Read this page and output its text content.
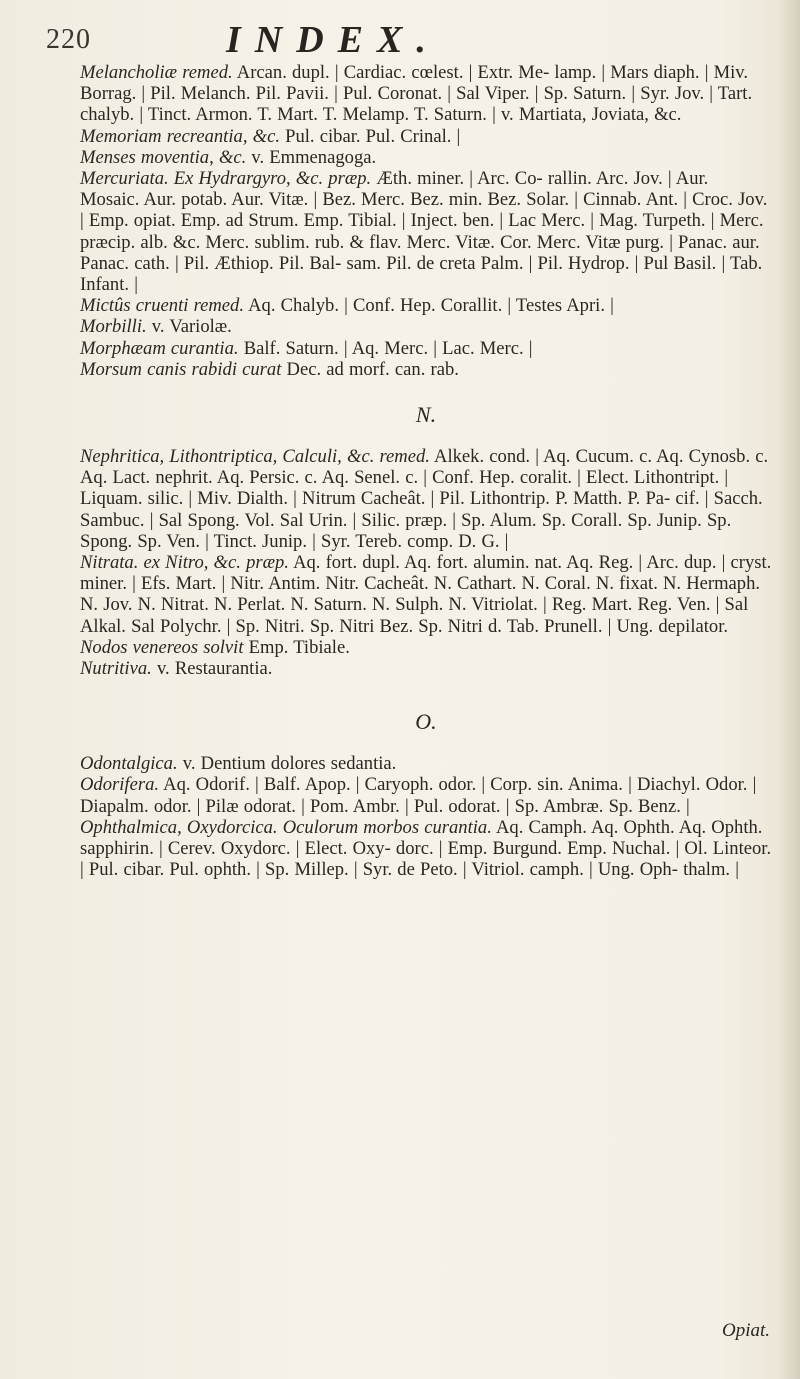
220	INDEX.

Melancholiæ remed. Arcan. dupl. | Cardiac. cœlest. | Extr. Me- lamp. | Mars diaph. | Miv. Borrag. | Pil. Melanch. Pil. Pavii. | Pul. Coronat. | Sal Viper. | Sp. Saturn. | Syr. Jov. | Tart. chalyb. | Tinct. Armon. T. Mart. T. Melamp. T. Saturn. | v. Martiata, Joviata, &c.

Memoriam recreantia, &c. Pul. cibar. Pul. Crinal. |

Menses moventia, &c. v. Emmenagoga.

Mercuriata. Ex Hydrargyro, &c. præp. Æth. miner. | Arc. Co- rallin. Arc. Jov. | Aur. Mosaic. Aur. potab. Aur. Vitæ. | Bez. Merc. Bez. min. Bez. Solar. | Cinnab. Ant. | Croc. Jov. | Emp. opiat. Emp. ad Strum. Emp. Tibial. | Inject. ben. | Lac Merc. | Mag. Turpeth. | Merc. præcip. alb. &c. Merc. sublim. rub. & flav. Merc. Vitæ. Cor. Merc. Vitæ purg. | Panac. aur. Panac. cath. | Pil. Æthiop. Pil. Bal- sam. Pil. de creta Palm. | Pil. Hydrop. | Pul Basil. | Tab. Infant. |

Mictûs cruenti remed. Aq. Chalyb. | Conf. Hep. Corallit. | Testes Apri. |

Morbilli. v. Variolæ.

Morphæam curantia. Balf. Saturn. | Aq. Merc. | Lac. Merc. |

Morsum canis rabidi curat Dec. ad morf. can. rab.

N.

Nephritica, Lithontriptica, Calculi, &c. remed. Alkek. cond. | Aq. Cucum. c. Aq. Cynosb. c. Aq. Lact. nephrit. Aq. Persic. c. Aq. Senel. c. | Conf. Hep. coralit. | Elect. Lithontript. | Liquam. silic. | Miv. Dialth. | Nitrum Cacheât. | Pil. Lithontrip. P. Matth. P. Pa- cif. | Sacch. Sambuc. | Sal Spong. Vol. Sal Urin. | Silic. præp. | Sp. Alum. Sp. Corall. Sp. Junip. Sp. Spong. Sp. Ven. | Tinct. Junip. | Syr. Tereb. comp. D. G. |

Nitrata. ex Nitro, &c. præp. Aq. fort. dupl. Aq. fort. alumin. nat. Aq. Reg. | Arc. dup. | cryst. miner. | Efs. Mart. | Nitr. Antim. Nitr. Cacheât. N. Cathart. N. Coral. N. fixat. N. Hermaph. N. Jov. N. Nitrat. N. Perlat. N. Saturn. N. Sulph. N. Vitriolat. | Reg. Mart. Reg. Ven. | Sal Alkal. Sal Polychr. | Sp. Nitri. Sp. Nitri Bez. Sp. Nitri d. Tab. Prunell. | Ung. depilator.

Nodos venereos solvit Emp. Tibiale.

Nutritiva. v. Restaurantia.

O.

Odontalgica. v. Dentium dolores sedantia.

Odorifera. Aq. Odorif. | Balf. Apop. | Caryoph. odor. | Corp. sin. Anima. | Diachyl. Odor. | Diapalm. odor. | Pilæ odorat. | Pom. Ambr. | Pul. odorat. | Sp. Ambræ. Sp. Benz. |

Ophthalmica, Oxydorcica. Oculorum morbos curantia. Aq. Camph. Aq. Ophth. Aq. Ophth. sapphirin. | Cerev. Oxydorc. | Elect. Oxy- dorc. | Emp. Burgund. Emp. Nuchal. | Ol. Linteor. | Pul. cibar. Pul. ophth. | Sp. Millep. | Syr. de Peto. | Vitriol. camph. | Ung. Oph- thalm. |

Opiat.
